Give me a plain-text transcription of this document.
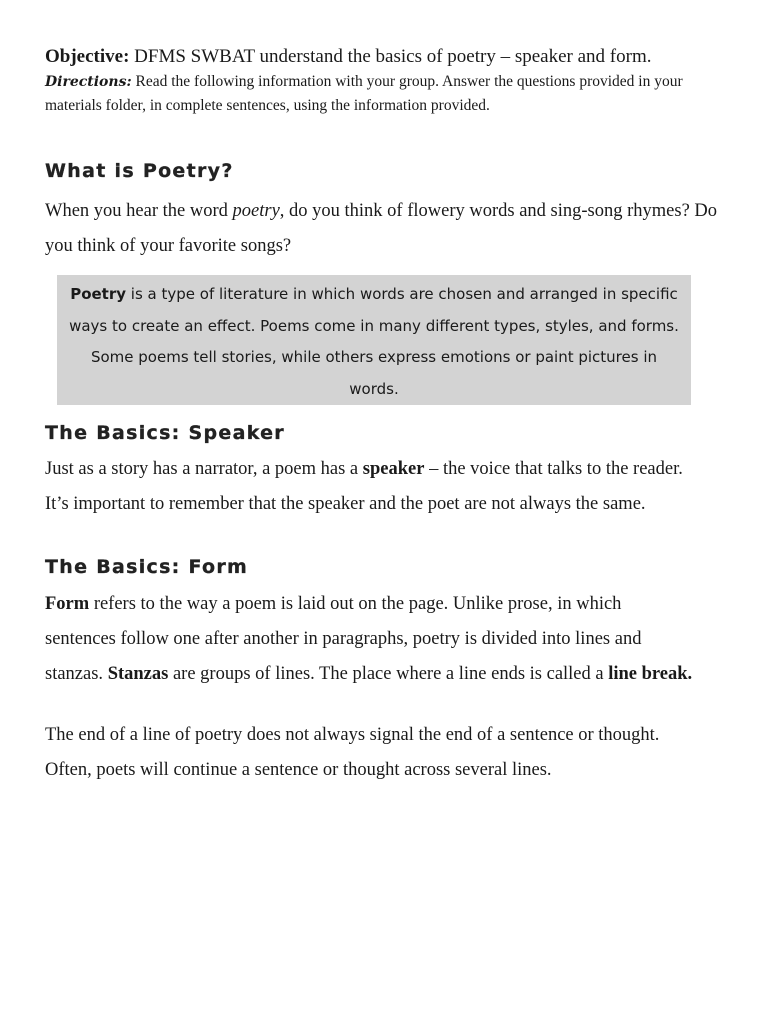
Objective: DFMS SWBAT understand the basics of poetry – speaker and form.

Directions: Read the following information with your group. Answer the questions provided in your materials folder, in complete sentences, using the information provided.

What is Poetry?

When you hear the word poetry, do you think of flowery words and sing-song rhymes? Do you think of your favorite songs?

Poetry is a type of literature in which words are chosen and arranged in specific ways to create an effect. Poems come in many different types, styles, and forms. Some poems tell stories, while others express emotions or paint pictures in words.
The Basics: Speaker

Just as a story has a narrator, a poem has a speaker – the voice that talks to the reader.
It’s important to remember that the speaker and the poet are not always the same.

The Basics: Form

Form refers to the way a poem is laid out on the page. Unlike prose, in which
sentences follow one after another in paragraphs, poetry is divided into lines and
stanzas. Stanzas are groups of lines. The place where a line ends is called a line break.

The end of a line of poetry does not always signal the end of a sentence or thought.
Often, poets will continue a sentence or thought across several lines.
